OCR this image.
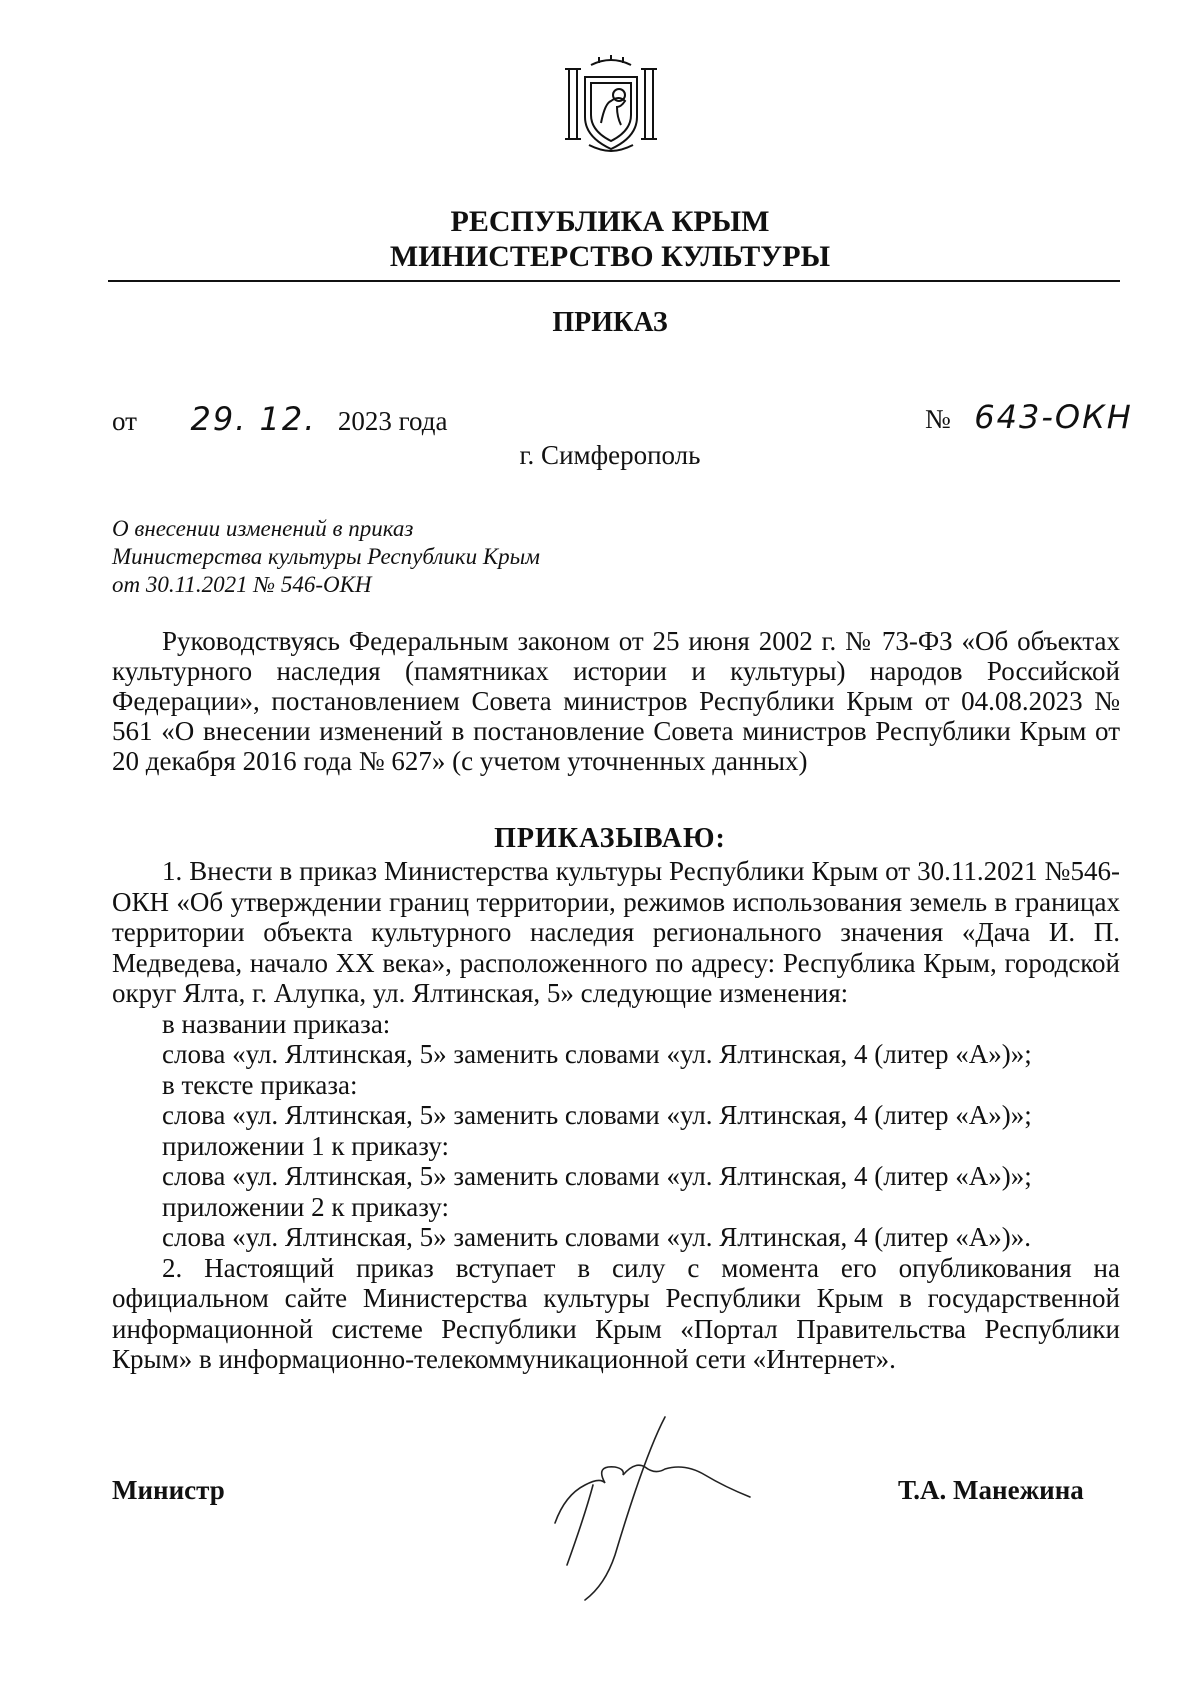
РЕСПУБЛИКА КРЫМ
МИНИСТЕРСТВО КУЛЬТУРЫ
ПРИКАЗ
от 29. 12. 2023 года	№ 643-ОКН
г. Симферополь
О внесении изменений в приказ
Министерства культуры Республики Крым
от 30.11.2021 № 546-ОКН

Руководствуясь Федеральным законом от 25 июня 2002 г. № 73-ФЗ «Об объектах культурного наследия (памятниках истории и культуры) народов Российской Федерации», постановлением Совета министров Республики Крым от 04.08.2023 № 561 «О внесении изменений в постановление Совета министров Республики Крым от 20 декабря 2016 года № 627» (с учетом уточненных данных)

ПРИКАЗЫВАЮ:

1. Внести в приказ Министерства культуры Республики Крым от 30.11.2021 №546-ОКН «Об утверждении границ территории, режимов использования земель в границах территории объекта культурного наследия регионального значения «Дача И. П. Медведева, начало XX века», расположенного по адресу: Республика Крым, городской округ Ялта, г. Алупка, ул. Ялтинская, 5» следующие изменения:

в названии приказа:
слова «ул. Ялтинская, 5» заменить словами «ул. Ялтинская, 4 (литер «А»)»;
в тексте приказа:
слова «ул. Ялтинская, 5» заменить словами «ул. Ялтинская, 4 (литер «А»)»;
приложении 1 к приказу:
слова «ул. Ялтинская, 5» заменить словами «ул. Ялтинская, 4 (литер «А»)»;
приложении 2 к приказу:
слова «ул. Ялтинская, 5» заменить словами «ул. Ялтинская, 4 (литер «А»)».

2. Настоящий приказ вступает в силу с момента его опубликования на официальном сайте Министерства культуры Республики Крым в государственной информационной системе Республики Крым «Портал Правительства Республики Крым» в информационно-телекоммуникационной сети «Интернет».

Министр	Т.А. Манежина
